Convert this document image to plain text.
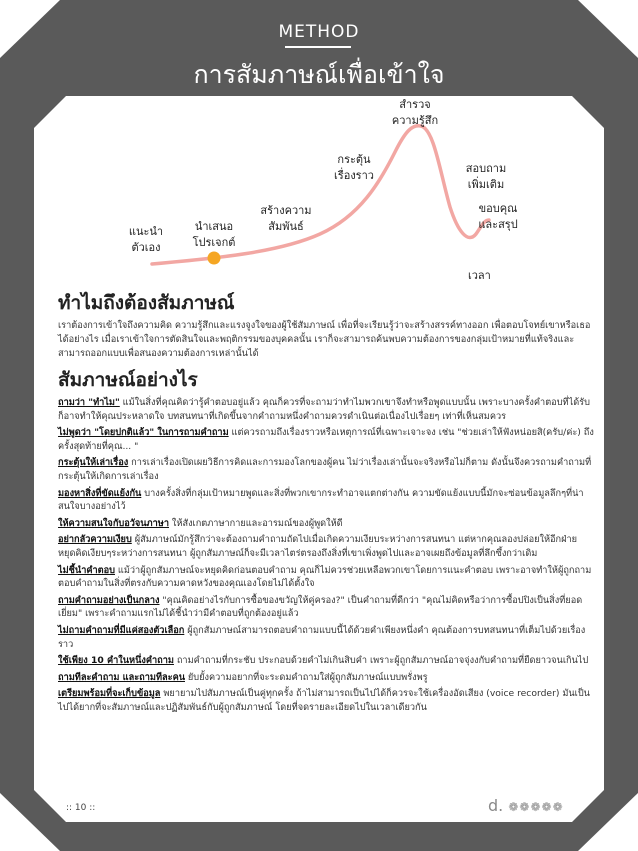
METHOD
การสัมภาษณ์เพื่อเข้าใจ
แนะนำ
ตัวเอง
นำเสนอ
โปรเจกต์
สร้างความ
สัมพันธ์
กระตุ้น
เรื่องราว
สำรวจ
ความรู้สึก
สอบถาม
เพิ่มเติม
ขอบคุณ
และสรุป
เวลา
ทำไมถึงต้องสัมภาษณ์

เราต้องการเข้าใจถึงความคิด ความรู้สึกและแรงจูงใจของผู้ใช้สัมภาษณ์ เพื่อที่จะเรียนรู้ว่าจะสร้างสรรค์ทางออก เพื่อตอบโจทย์เขาหรือเธอได้อย่างไร เมื่อเราเข้าใจการตัดสินใจและพฤติกรรมของบุคคลนั้น เราก็จะสามารถค้นพบความต้องการของกลุ่มเป้าหมายที่แท้จริงและสามารถออกแบบเพื่อสนองความต้องการเหล่านั้นได้

สัมภาษณ์อย่างไร

ถามว่า "ทำไม" แม้ในสิ่งที่คุณคิดว่ารู้คำตอบอยู่แล้ว คุณก็ควรที่จะถามว่าทำไมพวกเขาจึงทำหรือพูดแบบนั้น เพราะบางครั้งคำตอบที่ได้รับก็อาจทำให้คุณประหลาดใจ บทสนทนาที่เกิดขึ้นจากคำถามหนึ่งคำถามควรดำเนินต่อเนื่องไปเรื่อยๆ เท่าที่เห็นสมควร

ไม่พูดว่า "โดยปกติแล้ว" ในการถามคำถาม แต่ควรถามถึงเรื่องราวหรือเหตุการณ์ที่เฉพาะเจาะจง เช่น "ช่วยเล่าให้ฟังหน่อยสิ(ครับ/ค่ะ) ถึงครั้งสุดท้ายที่คุณ... "

กระตุ้นให้เล่าเรื่อง การเล่าเรื่องเปิดเผยวิธีการคิดและการมองโลกของผู้คน ไม่ว่าเรื่องเล่านั้นจะจริงหรือไม่ก็ตาม ดังนั้นจึงควรถามคำถามที่กระตุ้นให้เกิดการเล่าเรื่อง

มองหาสิ่งที่ขัดแย้งกัน บางครั้งสิ่งที่กลุ่มเป้าหมายพูดและสิ่งที่พวกเขากระทำอาจแตกต่างกัน ความขัดแย้งแบบนี้มักจะซ่อนข้อมูลลึกๆที่น่าสนใจบางอย่างไว้

ให้ความสนใจกับอวัจนภาษา ให้สังเกตภาษากายและอารมณ์ของผู้พูดให้ดี

อย่ากลัวความเงียบ ผู้สัมภาษณ์มักรู้สึกว่าจะต้องถามคำถามถัดไปเมื่อเกิดความเงียบระหว่างการสนทนา แต่หากคุณลองปล่อยให้อีกฝ่ายหยุดคิดเงียบๆระหว่างการสนทนา ผู้ถูกสัมภาษณ์ก็จะมีเวลาไตร่ตรองถึงสิ่งที่เขาเพิ่งพูดไปและอาจเผยถึงข้อมูลที่ลึกซึ้งกว่าเดิม

ไม่ชี้นำคำตอบ แม้ว่าผู้ถูกสัมภาษณ์จะหยุดคิดก่อนตอบคำถาม คุณก็ไม่ควรช่วยเหลือพวกเขาโดยการแนะคำตอบ เพราะอาจทำให้ผู้ถูกถามตอบคำถามในสิ่งที่ตรงกับความคาดหวังของคุณเองโดยไม่ได้ตั้งใจ

ถามคำถามอย่างเป็นกลาง "คุณคิดอย่างไรกับการซื้อของขวัญให้คู่ครอง?" เป็นคำถามที่ดีกว่า "คุณไม่คิดหรือว่าการซื้อปปิงเป็นสิ่งที่ยอดเยี่ยม" เพราะคำถามแรกไม่ได้ชี้นำว่ามีคำตอบที่ถูกต้องอยู่แล้ว

ไม่ถามคำถามที่มีแค่สองตัวเลือก ผู้ถูกสัมภาษณ์สามารถตอบคำถามแบบนี้ได้ด้วยคำเพียงหนึ่งคำ คุณต้องการบทสนทนาที่เต็มไปด้วยเรื่องราว

ใช้เพียง 10 คำในหนึ่งคำถาม ถามคำถามที่กระชับ ประกอบด้วยคำไม่เกินสิบคำ เพราะผู้ถูกสัมภาษณ์อาจจุ่งงกับคำถามที่ยืดยาวจนเกินไป

ถามทีละคำถาม และถามทีละคน ยับยั้งความอยากที่จะระดมคำถามใส่ผู้ถูกสัมภาษณ์แบบพรั่งพรู

เตรียมพร้อมที่จะเก็บข้อมูล พยายามไปสัมภาษณ์เป็นคู่ทุกครั้ง ถ้าไม่สามารถเป็นไปได้ก็ควรจะใช้เครื่องอัดเสียง (voice recorder) มันเป็นไปได้ยากที่จะสัมภาษณ์และปฏิสัมพันธ์กับผู้ถูกสัมภาษณ์ โดยที่จดรายละเอียดไปในเวลาเดียวกัน

:: 10 ::	d. ❁❁❁❁❁
